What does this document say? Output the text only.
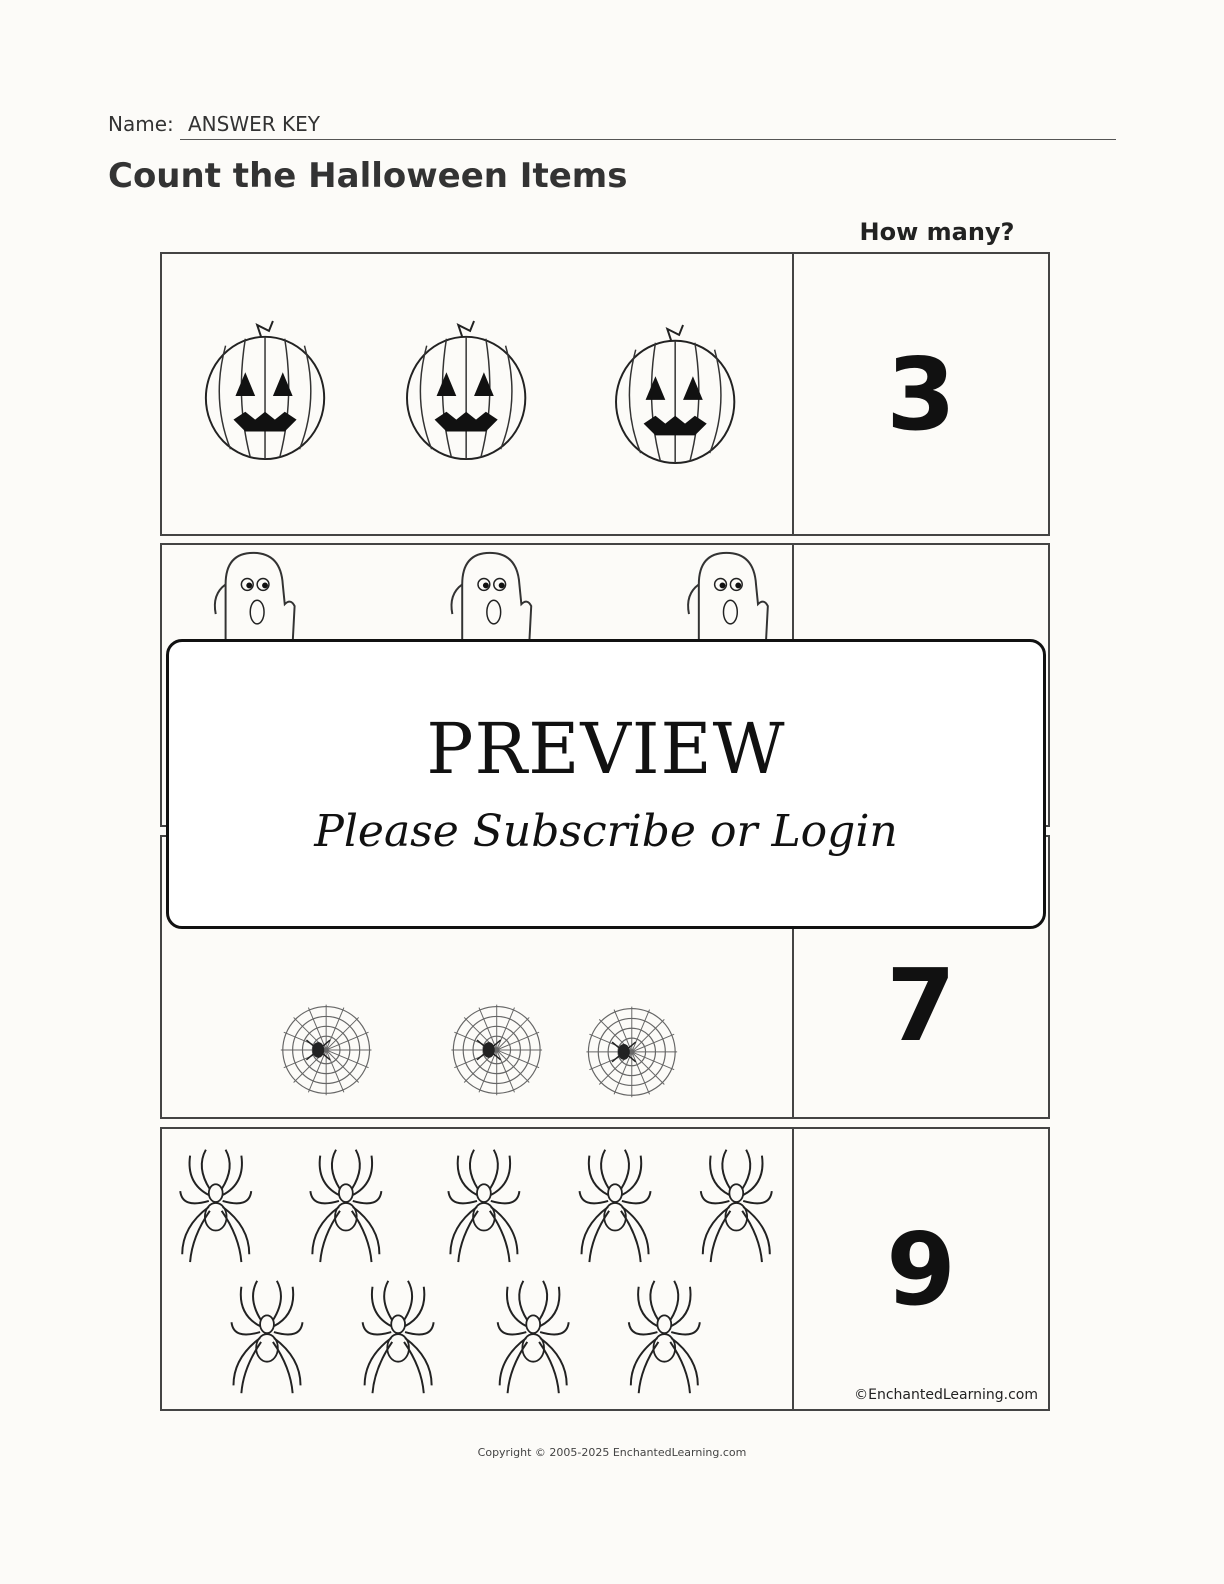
Name: ANSWER KEY
Count the Halloween Items
How many?
3
7
9
©EnchantedLearning.com
PREVIEW
Please Subscribe or Login
Copyright © 2005-2025 EnchantedLearning.com
